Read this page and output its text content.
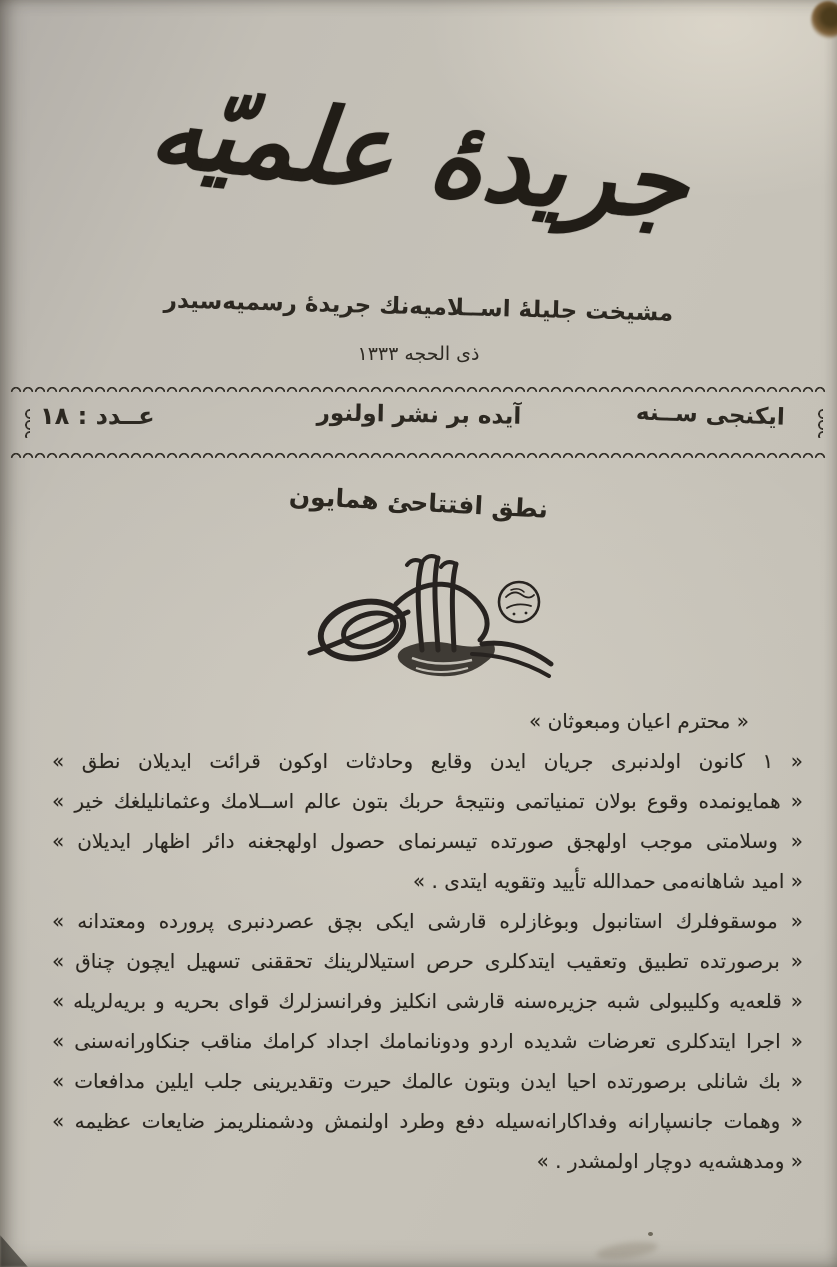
جريدهٔ علميّه
مشيخت جليلهٔ اســلاميه‌نك جريدهٔ رسميه‌سيدر
ذى الحجه ١٣٣٣
ايكنجى ســنه
آيده بر نشر اولنور
عــدد : ١٨
نطق افتتاحئ همايون
« محترم اعيان ومبعوثان »
« ١ كانون اولدنبرى جريان ايدن وقايع وحادثات اوكون قرائت ايديلان نطق »
« همايونمده وقوع بولان تمنياتمى ونتيجهٔ حربك بتون عالم اســلامك وعثمانليلغك خير »
« وسلامتى موجب اولهجق صورتده تيسرنماى حصول اولهجغنه دائر اظهار ايديلان »
« اميد شاهانه‌مى حمدالله تأييد وتقويه ايتدى . »
« موسقوفلرك استانبول وبوغازلره قارشى ايكى بچق عصردنبرى پرورده ومعتدانه »
« برصورتده تطبيق وتعقيب ايتدكلرى حرص استيلالرينك تحققنى تسهيل ايچون چناق »
« قلعه‌يه وكليبولى شبه جزيره‌سنه قارشى انكليز وفرانسزلرك قواى بحريه و بريه‌لريله »
« اجرا ايتدكلرى تعرضات شديده اردو ودونانمامك اجداد كرامك مناقب جنكاورانه‌سنى »
« بك شانلى برصورتده احيا ايدن وبتون عالمك حيرت وتقديرينى جلب ايلين مدافعات »
« وهمات جانسپارانه وفداكارانه‌سيله دفع وطرد اولنمش ودشمنلريمز ضايعات عظيمه »
« ومدهشه‌يه دوچار اولمشدر . »
